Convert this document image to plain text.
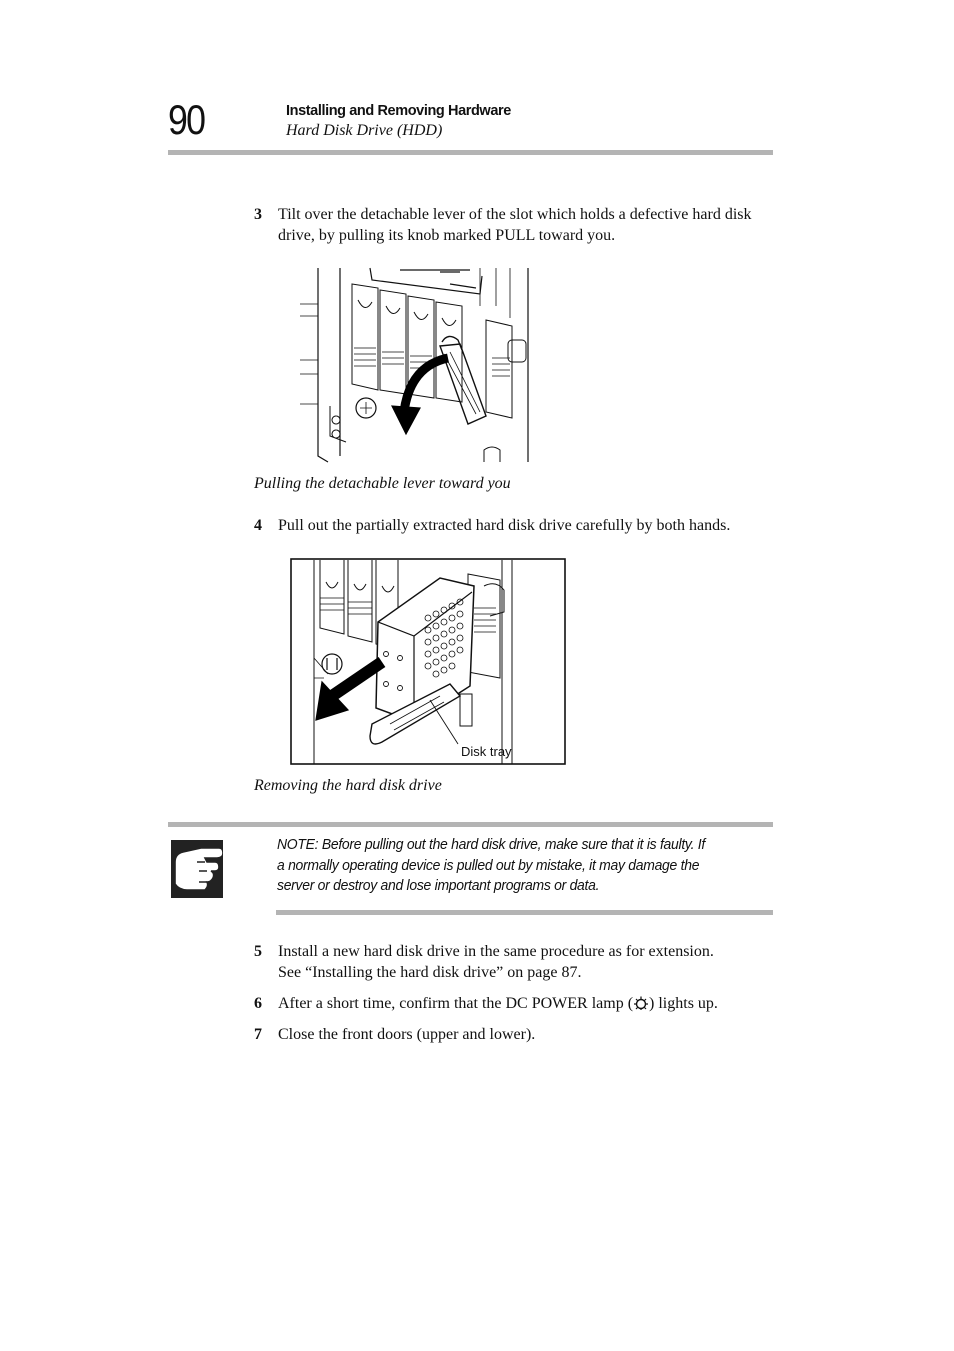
90	Installing and Removing Hardware
Hard Disk Drive (HDD)
3 Tilt over the detachable lever of the slot which holds a defective hard disk drive, by pulling its knob marked PULL toward you.
Pulling the detachable lever toward you
4 Pull out the partially extracted hard disk drive carefully by both hands.
Disk tray
Removing the hard disk drive
NOTE: Before pulling out the hard disk drive, make sure that it is faulty. If a normally operating device is pulled out by mistake, it may damage the server or destroy and lose important programs or data.
5 Install a new hard disk drive in the same procedure as for extension.
See “Installing the hard disk drive” on page 87.
6 After a short time, confirm that the DC POWER lamp ( ) lights up.
7 Close the front doors (upper and lower).
